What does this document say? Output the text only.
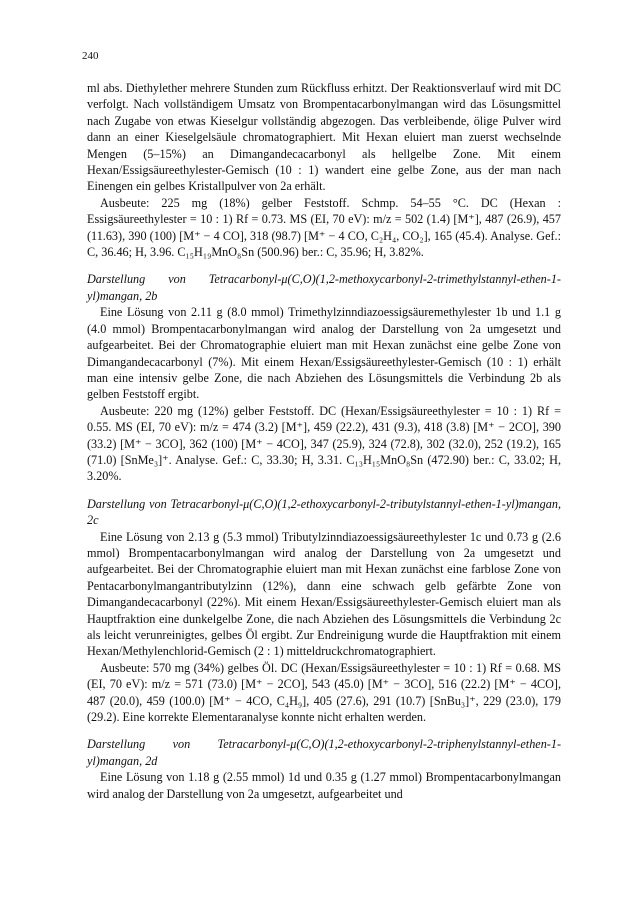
240

ml abs. Diethylether mehrere Stunden zum Rückfluss erhitzt. Der Reaktionsverlauf wird mit DC verfolgt. Nach vollständigem Umsatz von Brompentacarbonylmangan wird das Lösungsmittel nach Zugabe von etwas Kieselgur vollständig abgezogen. Das verbleibende, ölige Pulver wird dann an einer Kieselgelsäule chromatographiert. Mit Hexan eluiert man zuerst wechselnde Mengen (5–15%) an Dimangandecacarbonyl als hellgelbe Zone. Mit einem Hexan/Essigsäureethylester-Gemisch (10 : 1) wandert eine gelbe Zone, aus der man nach Einengen ein gelbes Kristallpulver von 2a erhält.

Ausbeute: 225 mg (18%) gelber Feststoff. Schmp. 54–55 °C. DC (Hexan : Essigsäureethylester = 10 : 1) Rf = 0.73. MS (EI, 70 eV): m/z = 502 (1.4) [M⁺], 487 (26.9), 457 (11.63), 390 (100) [M⁺ − 4 CO], 318 (98.7) [M⁺ − 4 CO, C₂H₄, CO₂], 165 (45.4). Analyse. Gef.: C, 36.46; H, 3.96. C₁₅H₁₉MnO₈Sn (500.96) ber.: C, 35.96; H, 3.82%.

Darstellung von Tetracarbonyl-μ(C,O)(1,2-methoxycarbonyl-2-trimethylstannyl-ethen-1-yl)mangan, 2b

Eine Lösung von 2.11 g (8.0 mmol) Trimethylzinndiazoessigsäuremethylester 1b und 1.1 g (4.0 mmol) Brompentacarbonylmangan wird analog der Darstellung von 2a umgesetzt und aufgearbeitet. Bei der Chromatographie eluiert man mit Hexan zunächst eine gelbe Zone von Dimangandecacarbonyl (7%). Mit einem Hexan/Essigsäureethylester-Gemisch (10 : 1) erhält man eine intensiv gelbe Zone, die nach Abziehen des Lösungsmittels die Verbindung 2b als gelben Feststoff ergibt.

Ausbeute: 220 mg (12%) gelber Feststoff. DC (Hexan/Essigsäureethylester = 10 : 1) Rf = 0.55. MS (EI, 70 eV): m/z = 474 (3.2) [M⁺], 459 (22.2), 431 (9.3), 418 (3.8) [M⁺ − 2CO], 390 (33.2) [M⁺ − 3CO], 362 (100) [M⁺ − 4CO], 347 (25.9), 324 (72.8), 302 (32.0), 252 (19.2), 165 (71.0) [SnMe₃]⁺. Analyse. Gef.: C, 33.30; H, 3.31. C₁₃H₁₅MnO₈Sn (472.90) ber.: C, 33.02; H, 3.20%.

Darstellung von Tetracarbonyl-μ(C,O)(1,2-ethoxycarbonyl-2-tributylstannyl-ethen-1-yl)mangan, 2c

Eine Lösung von 2.13 g (5.3 mmol) Tributylzinndiazoessigsäureethylester 1c und 0.73 g (2.6 mmol) Brompentacarbonylmangan wird analog der Darstellung von 2a umgesetzt und aufgearbeitet. Bei der Chromatographie eluiert man mit Hexan zunächst eine farblose Zone von Pentacarbonylmangantributylzinn (12%), dann eine schwach gelb gefärbte Zone von Dimangandecacarbonyl (22%). Mit einem Hexan/Essigsäureethylester-Gemisch eluiert man als Hauptfraktion eine dunkelgelbe Zone, die nach Abziehen des Lösungsmittels die Verbindung 2c als leicht verunreinigtes, gelbes Öl ergibt. Zur Endreinigung wurde die Hauptfraktion mit einem Hexan/Methylenchlorid-Gemisch (2 : 1) mitteldruckchromatographiert.

Ausbeute: 570 mg (34%) gelbes Öl. DC (Hexan/Essigsäureethylester = 10 : 1) Rf = 0.68. MS (EI, 70 eV): m/z = 571 (73.0) [M⁺ − 2CO], 543 (45.0) [M⁺ − 3CO], 516 (22.2) [M⁺ − 4CO], 487 (20.0), 459 (100.0) [M⁺ − 4CO, C₄H₉], 405 (27.6), 291 (10.7) [SnBu₃]⁺, 229 (23.0), 179 (29.2). Eine korrekte Elementaranalyse konnte nicht erhalten werden.

Darstellung von Tetracarbonyl-μ(C,O)(1,2-ethoxycarbonyl-2-triphenylstannyl-ethen-1-yl)mangan, 2d

Eine Lösung von 1.18 g (2.55 mmol) 1d und 0.35 g (1.27 mmol) Brompentacarbonylmangan wird analog der Darstellung von 2a umgesetzt, aufgearbeitet und
